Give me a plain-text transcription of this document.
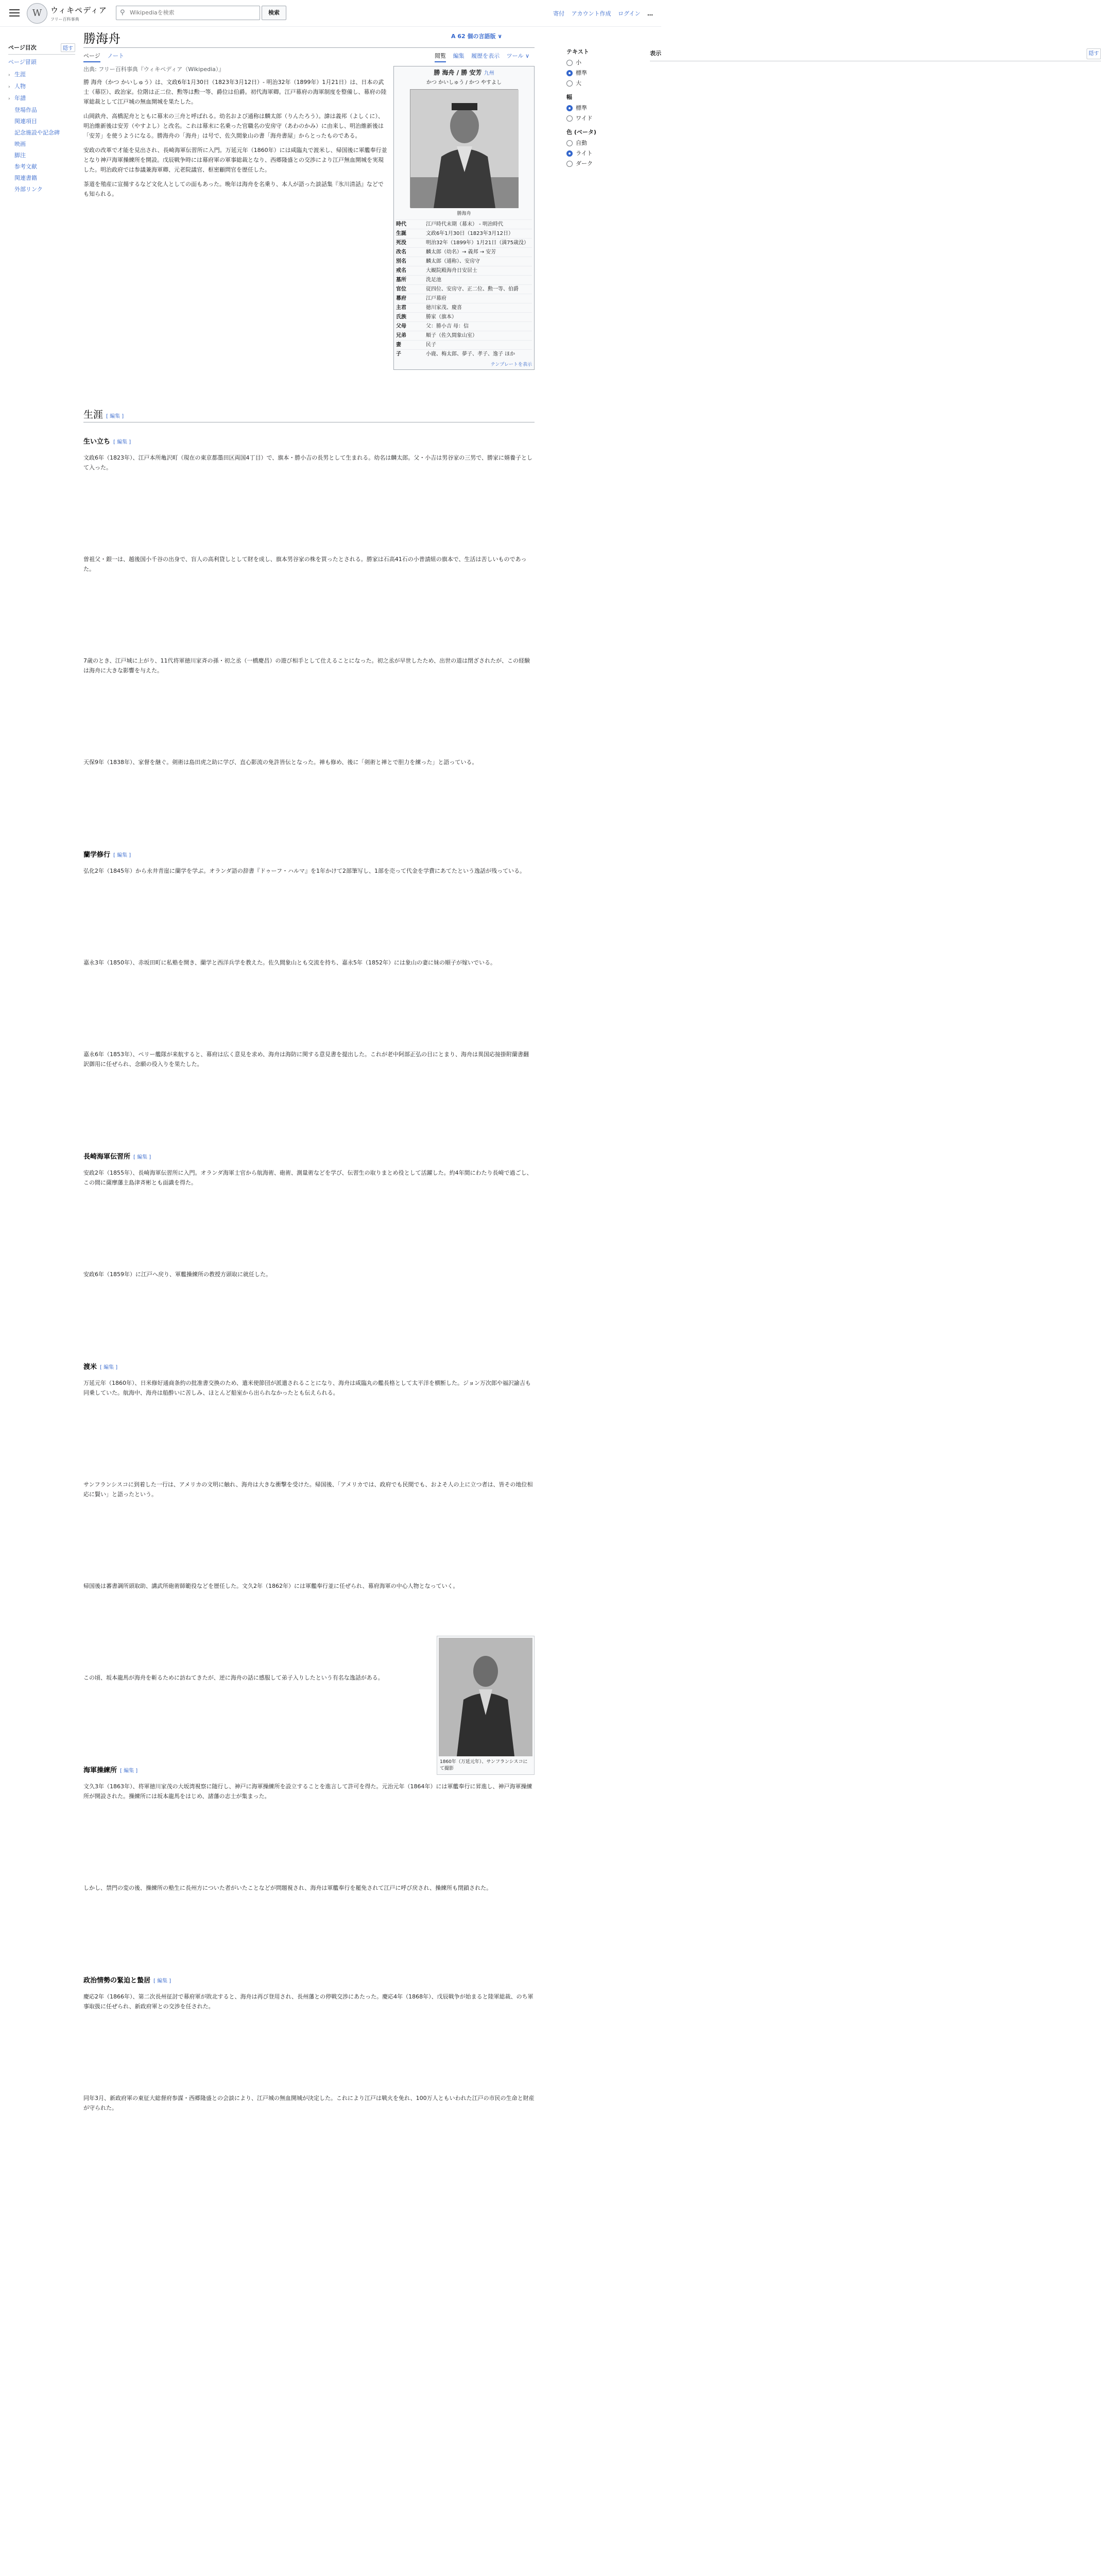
W	ウィキペディア
フリー百科事典
⚲
Wikipediaを検索	検索	寄付 アカウント作成 ログイン …
ページ目次	隠す
ページ冒頭
› 生涯
› 人物
› 年譜
登場作品
関連項目
記念施設や記念碑
映画
脚注
参考文献
関連書籍
外部リンク
勝海舟	A 62 個の言語版 ∨
ページ ノート	閲覧 編集 履歴を表示 ツール ∨
出典: フリー百科事典『ウィキペディア（Wikipedia）』
表示	隠す
テキスト
小
標準
大
幅
標準
ワイド
色 (ベータ)
自動
ライト
ダーク

勝 海舟（かつ かいしゅう）は、文政6年1月30日（1823年3月12日）- 明治32年（1899年）1月21日）は、日本の武士（幕臣）、政治家。位階は正二位、勲等は勲一等、爵位は伯爵。初代海軍卿。江戸幕府の海軍制度を整備し、幕府の陸軍総裁として江戸城の無血開城を果たした。

山岡鉄舟、高橋泥舟とともに幕末の三舟と呼ばれる。幼名および通称は麟太郎（りんたろう）。諱は義邦（よしくに）、明治維新後は安芳（やすよし）と改名。これは幕末に名乗った官職名の安房守（あわのかみ）に由来し、明治維新後は「安芳」を使うようになる。勝海舟の「海舟」は号で、佐久間象山の書「海舟書屋」からとったものである。

安政の改革で才能を見出され、長崎海軍伝習所に入門。万延元年（1860年）には咸臨丸で渡米し、帰国後に軍艦奉行並となり神戸海軍操練所を開設。戊辰戦争時には幕府軍の軍事総裁となり、西郷隆盛との交渉により江戸無血開城を実現した。明治政府では参議兼海軍卿、元老院議官、枢密顧問官を歴任した。

茶道を殖産に宣揚するなど文化人としての面もあった。晩年は海舟を名乗り、本人が語った談話集『氷川清話』などでも知られる。

勝 海舟 / 勝 安芳 九州
かつ かいしゅう / かつ やすよし
勝海舟
時代	江戸時代末期（幕末） - 明治時代
生誕	文政6年1月30日（1823年3月12日）
死没	明治32年（1899年）1月21日（満75歳没）
改名	麟太郎（幼名）→ 義邦 → 安芳
別名	麟太郎（通称）、安房守
戒名	大観院殿海舟日安居士
墓所	洗足池
官位	従四位、安房守、正二位、勲一等、伯爵
幕府	江戸幕府
主君	徳川家茂、慶喜
氏族	勝家（旗本）
父母	父：勝小吉 母：信
兄弟	順子（佐久間象山室）
妻	民子
子	小鹿、梅太郎、夢子、孝子、逸子 ほか
テンプレートを表示
生涯 [ 編集 ]
生い立ち [ 編集 ]

文政6年（1823年）、江戸本所亀沢町（現在の東京都墨田区両国4丁目）で、旗本・勝小吉の長男として生まれる。幼名は麟太郎。父・小吉は男谷家の三男で、勝家に婿養子として入った。

曽祖父・銀一は、越後国小千谷の出身で、盲人の高利貸しとして財を成し、旗本男谷家の株を買ったとされる。勝家は石高41石の小普請組の旗本で、生活は苦しいものであった。

7歳のとき、江戸城に上がり、11代将軍徳川家斉の孫・初之丞（一橋慶昌）の遊び相手として仕えることになった。初之丞が早世したため、出世の道は閉ざされたが、この経験は海舟に大きな影響を与えた。

天保9年（1838年）、家督を継ぐ。剣術は島田虎之助に学び、直心影流の免許皆伝となった。禅も修め、後に「剣術と禅とで胆力を練った」と語っている。

蘭学修行 [ 編集 ]

弘化2年（1845年）から永井青崖に蘭学を学ぶ。オランダ語の辞書『ドゥーフ・ハルマ』を1年かけて2部筆写し、1部を売って代金を学費にあてたという逸話が残っている。

嘉永3年（1850年）、赤坂田町に私塾を開き、蘭学と西洋兵学を教えた。佐久間象山とも交流を持ち、嘉永5年（1852年）には象山の妻に妹の順子が嫁いでいる。

嘉永6年（1853年）、ペリー艦隊が来航すると、幕府は広く意見を求め、海舟は海防に関する意見書を提出した。これが老中阿部正弘の目にとまり、海舟は異国応接掛附蘭書翻訳御用に任ぜられ、念願の役入りを果たした。

長崎海軍伝習所 [ 編集 ]

安政2年（1855年）、長崎海軍伝習所に入門。オランダ海軍士官から航海術、砲術、測量術などを学び、伝習生の取りまとめ役として活躍した。約4年間にわたり長崎で過ごし、この間に薩摩藩主島津斉彬とも面識を得た。

安政6年（1859年）に江戸へ戻り、軍艦操練所の教授方頭取に就任した。

渡米 [ 編集 ]

万延元年（1860年）、日米修好通商条約の批准書交換のため、遣米使節団が派遣されることになり、海舟は咸臨丸の艦長格として太平洋を横断した。ジョン万次郎や福沢諭吉も同乗していた。航海中、海舟は船酔いに苦しみ、ほとんど船室から出られなかったとも伝えられる。

サンフランシスコに到着した一行は、アメリカの文明に触れ、海舟は大きな衝撃を受けた。帰国後、「アメリカでは、政府でも民間でも、およそ人の上に立つ者は、皆その地位相応に賢い」と語ったという。

帰国後は蕃書調所頭取助、講武所砲術師範役などを歴任した。文久2年（1862年）には軍艦奉行並に任ぜられ、幕府海軍の中心人物となっていく。

この頃、坂本龍馬が海舟を斬るために訪ねてきたが、逆に海舟の話に感服して弟子入りしたという有名な逸話がある。

海軍操練所 [ 編集 ]

文久3年（1863年）、将軍徳川家茂の大坂湾視察に随行し、神戸に海軍操練所を設立することを進言して許可を得た。元治元年（1864年）には軍艦奉行に昇進し、神戸海軍操練所が開設された。操練所には坂本龍馬をはじめ、諸藩の志士が集まった。

しかし、禁門の変の後、操練所の塾生に長州方についた者がいたことなどが問題視され、海舟は軍艦奉行を罷免されて江戸に呼び戻され、操練所も閉鎖された。

政治情勢の緊迫と蟄居 [ 編集 ]

慶応2年（1866年）、第二次長州征討で幕府軍が敗北すると、海舟は再び登用され、長州藩との停戦交渉にあたった。慶応4年（1868年）、戊辰戦争が始まると陸軍総裁、のち軍事取扱に任ぜられ、新政府軍との交渉を任された。

同年3月、新政府軍の東征大総督府参謀・西郷隆盛との会談により、江戸城の無血開城が決定した。これにより江戸は戦火を免れ、100万人ともいわれた江戸の市民の生命と財産が守られた。

1860年（万延元年）、サンフランシスコにて撮影
